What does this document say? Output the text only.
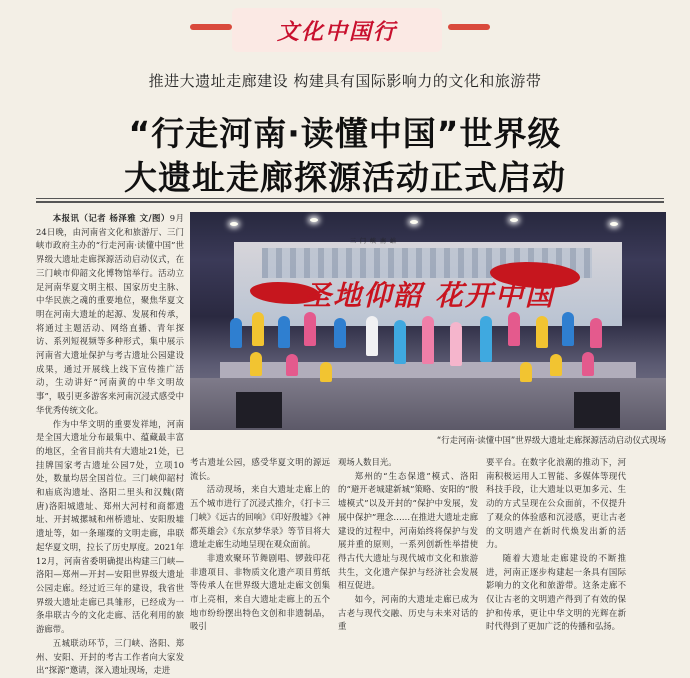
文化中国行
推进大遗址走廊建设 构建具有国际影响力的文化和旅游带
“行走河南·读懂中国”世界级
大遗址走廊探源活动正式启动

本报讯（记者 杨泽雅 文/图）9月24日晚，由河南省文化和旅游厅、三门峡市政府主办的“行走河南·读懂中国”世界级大遗址走廊探源活动启动仪式，在三门峡市仰韶文化博物馆举行。活动立足河南华夏文明主根、国家历史主脉、中华民族之魂的重要地位，聚焦华夏文明在河南大遗址的起源、发展和传承，将通过主题活动、网络直播、青年探访、系列短视频等多种形式，集中展示河南省大遗址保护与考古遗址公园建设成果，通过开展线上线下宣传推广活动，生动讲好“河南黄的中华文明故事”，吸引更多游客来河南沉浸式感受中华优秀传统文化。

作为中华文明的重要发祥地，河南是全国大遗址分布最集中、蕴藏最丰富的地区，全省目前共有大遗址21处，已挂牌国家考古遗址公园7处，立项10处，数量均居全国首位。三门峡仰韶村和庙底沟遗址、洛阳二里头和汉魏(隋唐)洛阳城遗址、郑州大河村和商都遗址、开封城摞城和州桥遗址、安阳殷墟遗址等，如一条璀璨的文明走廊，串联起华夏文明，拉长了历史厚度。2021年12月，河南省委明确提出构建三门峡—洛阳—郑州—开封—安阳世界级大遗址公园走廊。经过近三年的建设，我省世界级大遗址走廊已具雏形，已经成为一条串联古今的文化走廊、活化利用的旅游廊带。

五城联动环节，三门峡、洛阳、郑州、安阳、开封的考古工作者向大家发出“探源”邀请，深入遗址现场，走进

三门峡南站
圣地仰韶 花开中国
“行走河南·读懂中国”世界级大遗址走廊探源活动启动仪式现场

考古遗址公园，感受华夏文明的源远流长。

活动现场，来自大遗址走廊上的五个城市进行了沉浸式推介，《打卡三门峡》《远古的回响》《印好殷墟》《神都英雄会》《东京梦华录》等节目将大遗址走廊生动地呈现在观众面前。

非遗欢聚环节舞剧唱、锣鼓印花非遗项目、非物质文化遗产项目剪纸等传承人在世界级大遗址走廊文创集市上亮相，来自大遗址走廊上的五个地市纷纷摆出特色文创和非遗制品，吸引

观场人数目光。

郑州的“生态保遗”模式、洛阳的“避开老城建新城”策略、安阳的“殷墟模式”以及开封的“保护中发展，发展中保护”理念……在推进大遗址走廊建设的过程中，河南始终将保护与发展并重的原则，一系列创新性举措使得古代大遗址与现代城市文化和旅游共生，文化遗产保护与经济社会发展相互促进。

如今，河南的大遗址走廊已成为古老与现代交融、历史与未来对话的重

要平台。在数字化浪潮的推动下，河南积极运用人工智能、多媒体等现代科技手段，让大遗址以更加多元、生动的方式呈现在公众面前，不仅提升了观众的体验感和沉浸感，更让古老的文明遗产在新时代焕发出新的活力。

随着大遗址走廊建设的不断推进，河南正逐步构建起一条具有国际影响力的文化和旅游带。这条走廊不仅让古老的文明遗产得到了有效的保护和传承，更让中华文明的光辉在新时代得到了更加广泛的传播和弘扬。
